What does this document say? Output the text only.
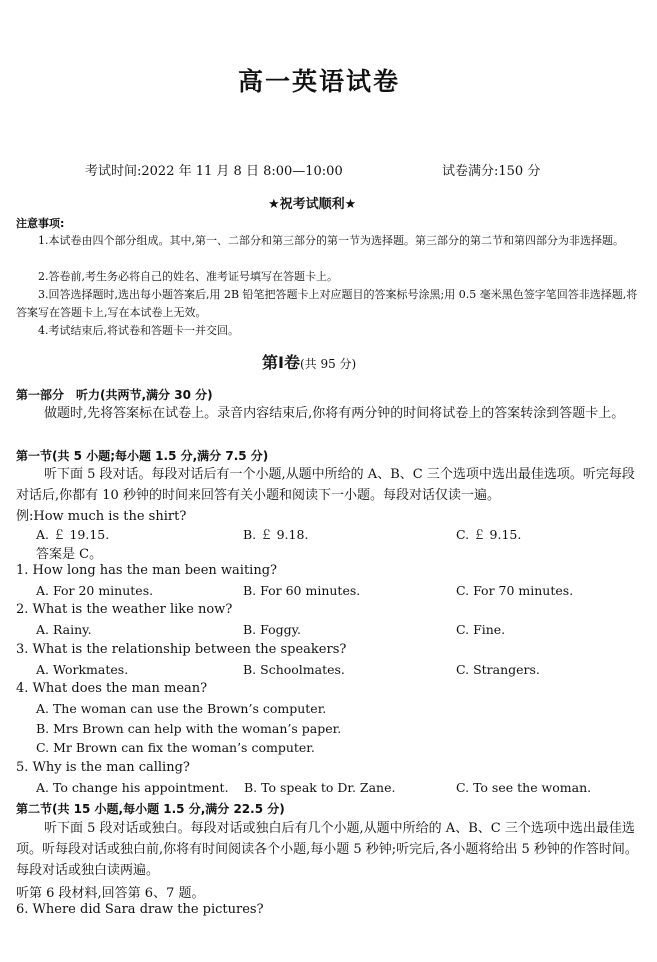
高一英语试卷
考试时间:2022 年 11 月 8 日 8:00—10:00	试卷满分:150 分
★祝考试顺利★
注意事项:
1.本试卷由四个部分组成。其中,第一、二部分和第三部分的第一节为选择题。第三部分的第二节和第四部分为非选择题。
2.答卷前,考生务必将自己的姓名、准考证号填写在答题卡上。
3.回答选择题时,选出每小题答案后,用 2B 铅笔把答题卡上对应题目的答案标号涂黑;用 0.5 毫米黑色签字笔回答非选择题,将答案写在答题卡上,写在本试卷上无效。
4.考试结束后,将试卷和答题卡一并交回。
第Ⅰ卷(共 95 分)
第一部分　听力(共两节,满分 30 分)
做题时,先将答案标在试卷上。录音内容结束后,你将有两分钟的时间将试卷上的答案转涂到答题卡上。
第一节(共 5 小题;每小题 1.5 分,满分 7.5 分)
听下面 5 段对话。每段对话后有一个小题,从题中所给的 A、B、C 三个选项中选出最佳选项。听完每段对话后,你都有 10 秒钟的时间来回答有关小题和阅读下一小题。每段对话仅读一遍。
例:How much is the shirt?
A. ￡ 19.15.	B. ￡ 9.18.	C. ￡ 9.15.
答案是 C。
1. How long has the man been waiting?
A. For 20 minutes.	B. For 60 minutes.	C. For 70 minutes.
2. What is the weather like now?
A. Rainy.	B. Foggy.	C. Fine.
3. What is the relationship between the speakers?
A. Workmates.	B. Schoolmates.	C. Strangers.
4. What does the man mean?
A. The woman can use the Brown’s computer.
B. Mrs Brown can help with the woman’s paper.
C. Mr Brown can fix the woman’s computer.
5. Why is the man calling?
A. To change his appointment. B. To speak to Dr. Zane.	C. To see the woman.
第二节(共 15 小题,每小题 1.5 分,满分 22.5 分)
听下面 5 段对话或独白。每段对话或独白后有几个小题,从题中所给的 A、B、C 三个选项中选出最佳选项。听每段对话或独白前,你将有时间阅读各个小题,每小题 5 秒钟;听完后,各小题将给出 5 秒钟的作答时间。每段对话或独白读两遍。
听第 6 段材料,回答第 6、7 题。
6. Where did Sara draw the pictures?
